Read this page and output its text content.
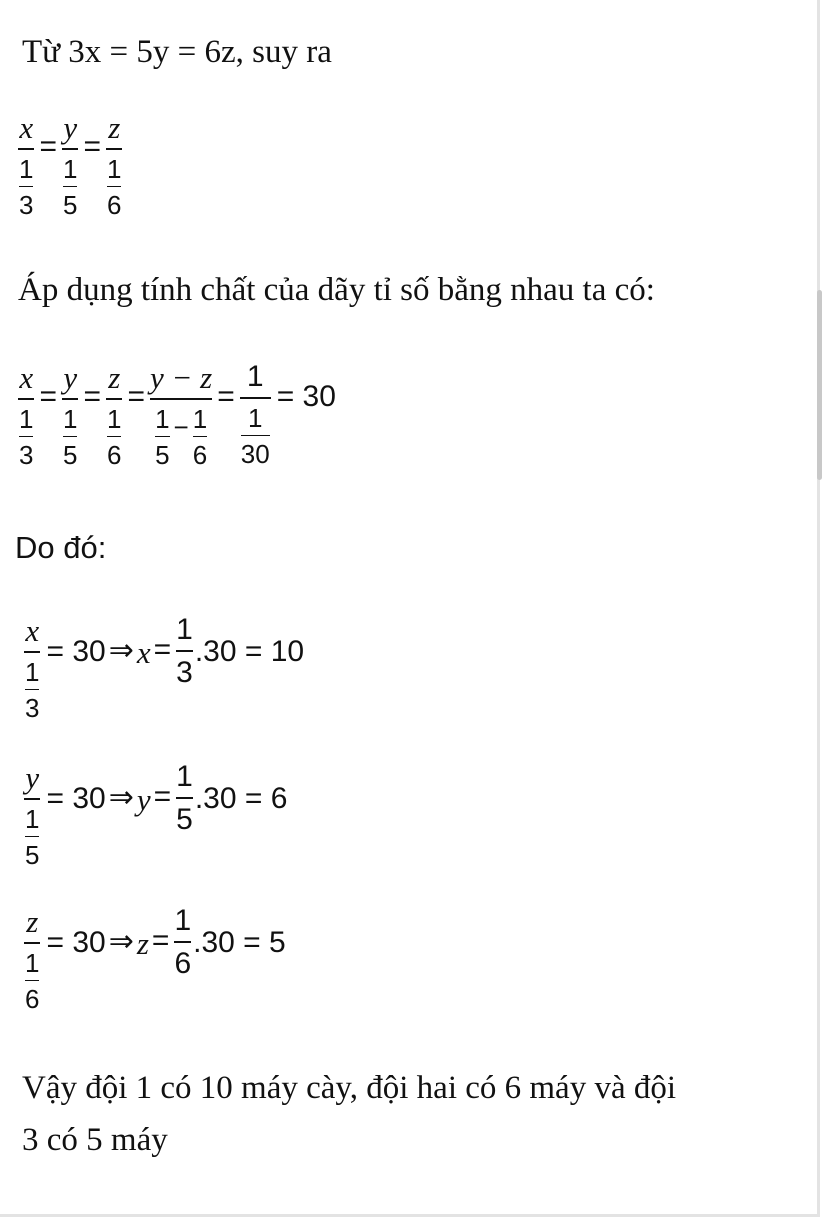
Từ 3x = 5y = 6z, suy ra
$\frac{x}{\frac{1}{3}} = \frac{y}{\frac{1}{5}} = \frac{z}{\frac{1}{6}}$
Áp dụng tính chất của dãy tỉ số bằng nhau ta có:
$\frac{x}{\frac{1}{3}} = \frac{y}{\frac{1}{5}} = \frac{z}{\frac{1}{6}} = \frac{y - z}{\frac{1}{5} - \frac{1}{6}} = \frac{1}{\frac{1}{30}} = 30$
Do đó:
$\frac{x}{\frac{1}{3}} = 30$ ⇒ $x = \frac{1}{3} .30 = 10$
$\frac{y}{\frac{1}{5}} = 30$ ⇒ $y = \frac{1}{5} .30 = 6$
$\frac{z}{\frac{1}{6}} = 30$ ⇒ $z = \frac{1}{6} .30 = 5$
Vậy đội 1 có 10 máy cày, đội hai có 6 máy và đội
3 có 5 máy
